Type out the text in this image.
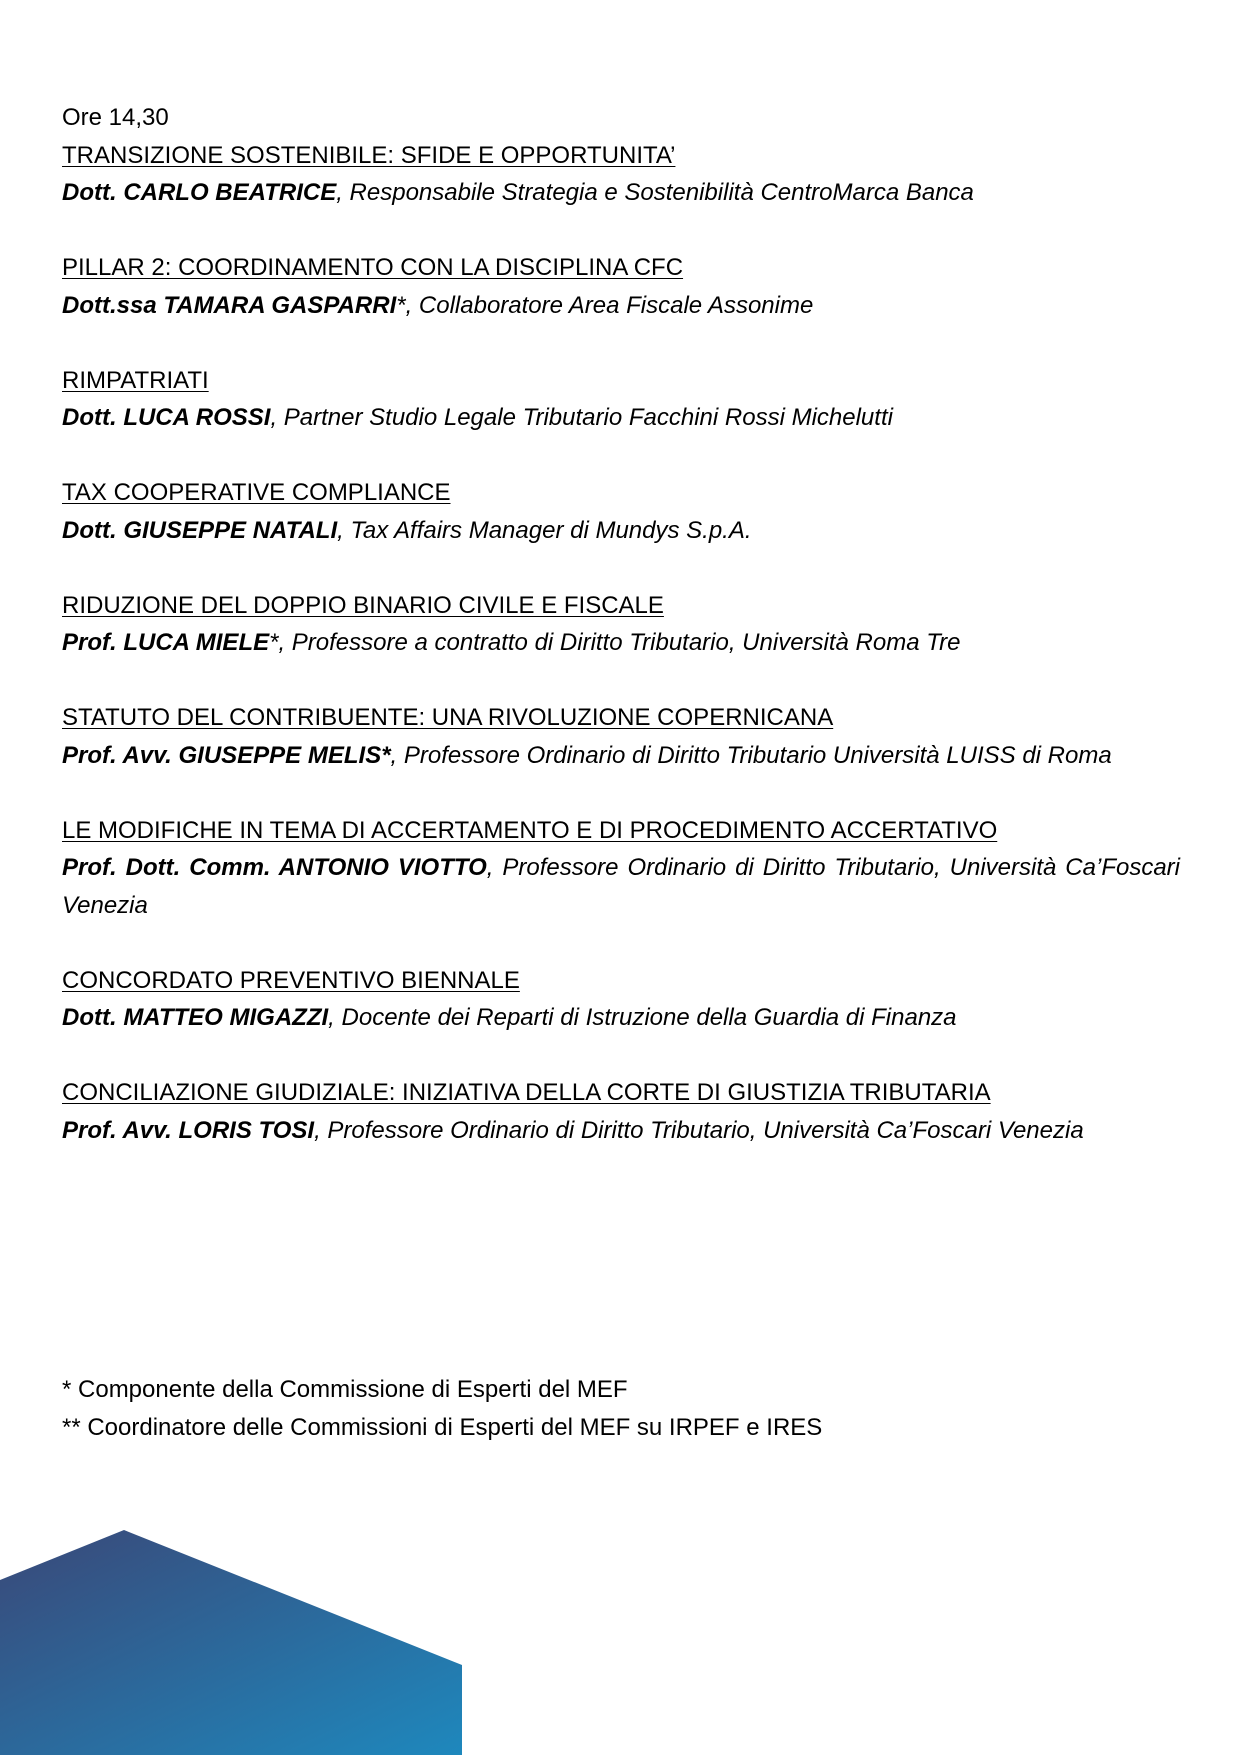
Ore 14,30

TRANSIZIONE SOSTENIBILE: SFIDE E OPPORTUNITA’

Dott. CARLO BEATRICE, Responsabile Strategia e Sostenibilità CentroMarca Banca

PILLAR 2: COORDINAMENTO CON LA DISCIPLINA CFC

Dott.ssa TAMARA GASPARRI*, Collaboratore Area Fiscale Assonime

RIMPATRIATI

Dott. LUCA ROSSI, Partner Studio Legale Tributario Facchini Rossi Michelutti

TAX COOPERATIVE COMPLIANCE

Dott. GIUSEPPE NATALI, Tax Affairs Manager di Mundys S.p.A.

RIDUZIONE DEL DOPPIO BINARIO CIVILE E FISCALE

Prof. LUCA MIELE*, Professore a contratto di Diritto Tributario, Università Roma Tre

STATUTO DEL CONTRIBUENTE: UNA RIVOLUZIONE COPERNICANA

Prof. Avv. GIUSEPPE MELIS*, Professore Ordinario di Diritto Tributario Università LUISS di Roma

LE MODIFICHE IN TEMA DI ACCERTAMENTO E DI PROCEDIMENTO ACCERTATIVO

Prof. Dott. Comm. ANTONIO VIOTTO, Professore Ordinario di Diritto Tributario, Università Ca’Foscari Venezia

CONCORDATO PREVENTIVO BIENNALE

Dott. MATTEO MIGAZZI, Docente dei Reparti di Istruzione della Guardia di Finanza

CONCILIAZIONE GIUDIZIALE: INIZIATIVA DELLA CORTE DI GIUSTIZIA TRIBUTARIA

Prof. Avv. LORIS TOSI, Professore Ordinario di Diritto Tributario, Università Ca’Foscari Venezia

* Componente della Commissione di Esperti del MEF

** Coordinatore delle Commissioni di Esperti del MEF su IRPEF e IRES
